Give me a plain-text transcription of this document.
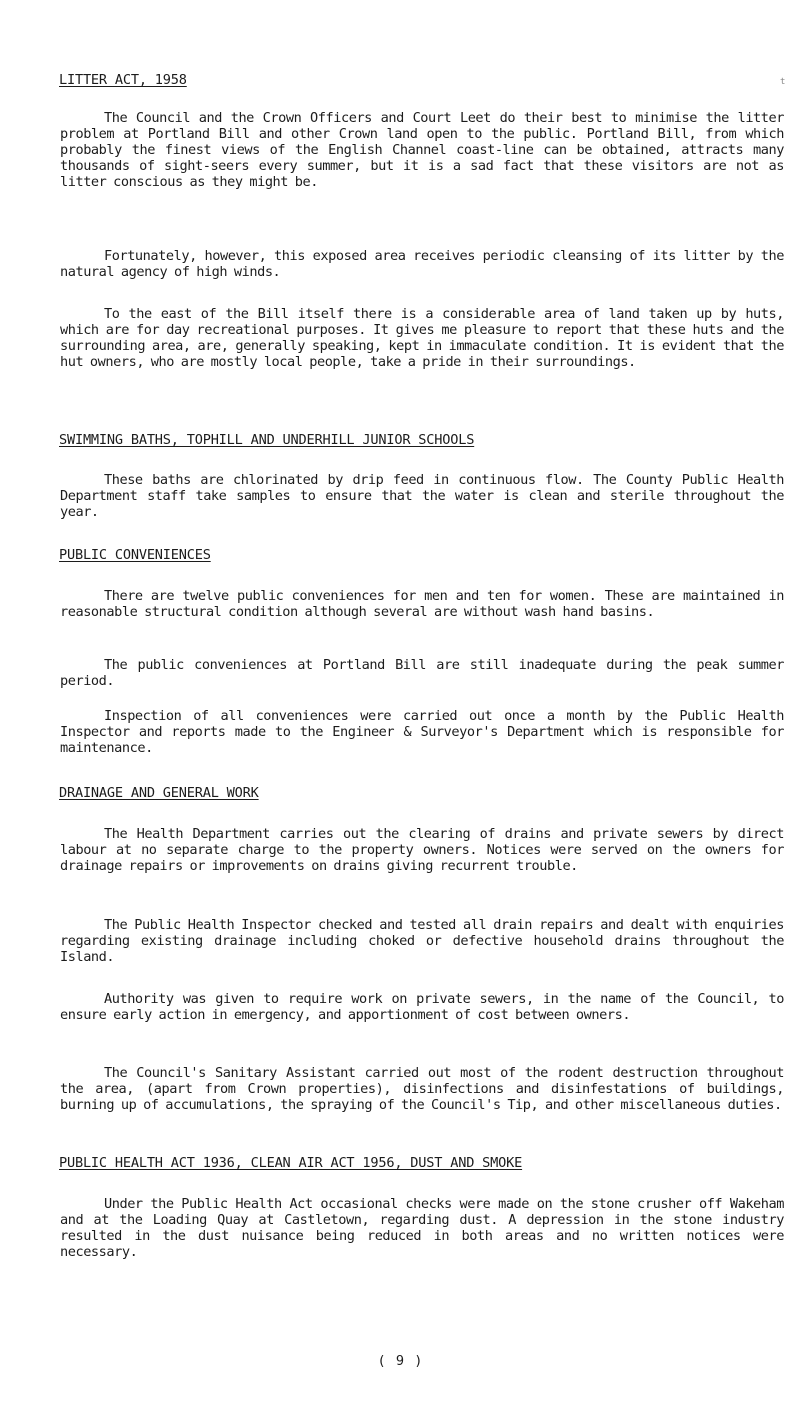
t
LITTER ACT, 1958

The Council and the Crown Officers and Court Leet do their best to minimise the litter problem at Portland Bill and other Crown land open to the public. Portland Bill, from which probably the finest views of the English Channel coast-line can be obtained, attracts many thousands of sight-seers every summer, but it is a sad fact that these visitors are not as litter conscious as they might be.

Fortunately, however, this exposed area receives periodic cleansing of its litter by the natural agency of high winds.

To the east of the Bill itself there is a considerable area of land taken up by huts, which are for day recreational purposes. It gives me pleasure to report that these huts and the surrounding area, are, generally speaking, kept in immaculate condition. It is evident that the hut owners, who are mostly local people, take a pride in their surroundings.

SWIMMING BATHS, TOPHILL AND UNDERHILL JUNIOR SCHOOLS

These baths are chlorinated by drip feed in continuous flow. The County Public Health Department staff take samples to ensure that the water is clean and sterile throughout the year.

PUBLIC CONVENIENCES

There are twelve public conveniences for men and ten for women. These are maintained in reasonable structural condition although several are without wash hand basins.

The public conveniences at Portland Bill are still inadequate during the peak summer period.

Inspection of all conveniences were carried out once a month by the Public Health Inspector and reports made to the Engineer & Surveyor's Department which is responsible for maintenance.

DRAINAGE AND GENERAL WORK

The Health Department carries out the clearing of drains and private sewers by direct labour at no separate charge to the property owners. Notices were served on the owners for drainage repairs or improvements on drains giving recurrent trouble.

The Public Health Inspector checked and tested all drain repairs and dealt with enquiries regarding existing drainage including choked or defective household drains throughout the Island.

Authority was given to require work on private sewers, in the name of the Council, to ensure early action in emergency, and apportionment of cost between owners.

The Council's Sanitary Assistant carried out most of the rodent destruction throughout the area, (apart from Crown properties), disinfections and disinfestations of buildings, burning up of accumulations, the spraying of the Council's Tip, and other miscellaneous duties.

PUBLIC HEALTH ACT 1936, CLEAN AIR ACT 1956, DUST AND SMOKE

Under the Public Health Act occasional checks were made on the stone crusher off Wakeham and at the Loading Quay at Castletown, regarding dust. A depression in the stone industry resulted in the dust nuisance being reduced in both areas and no written notices were necessary.

( 9 )
